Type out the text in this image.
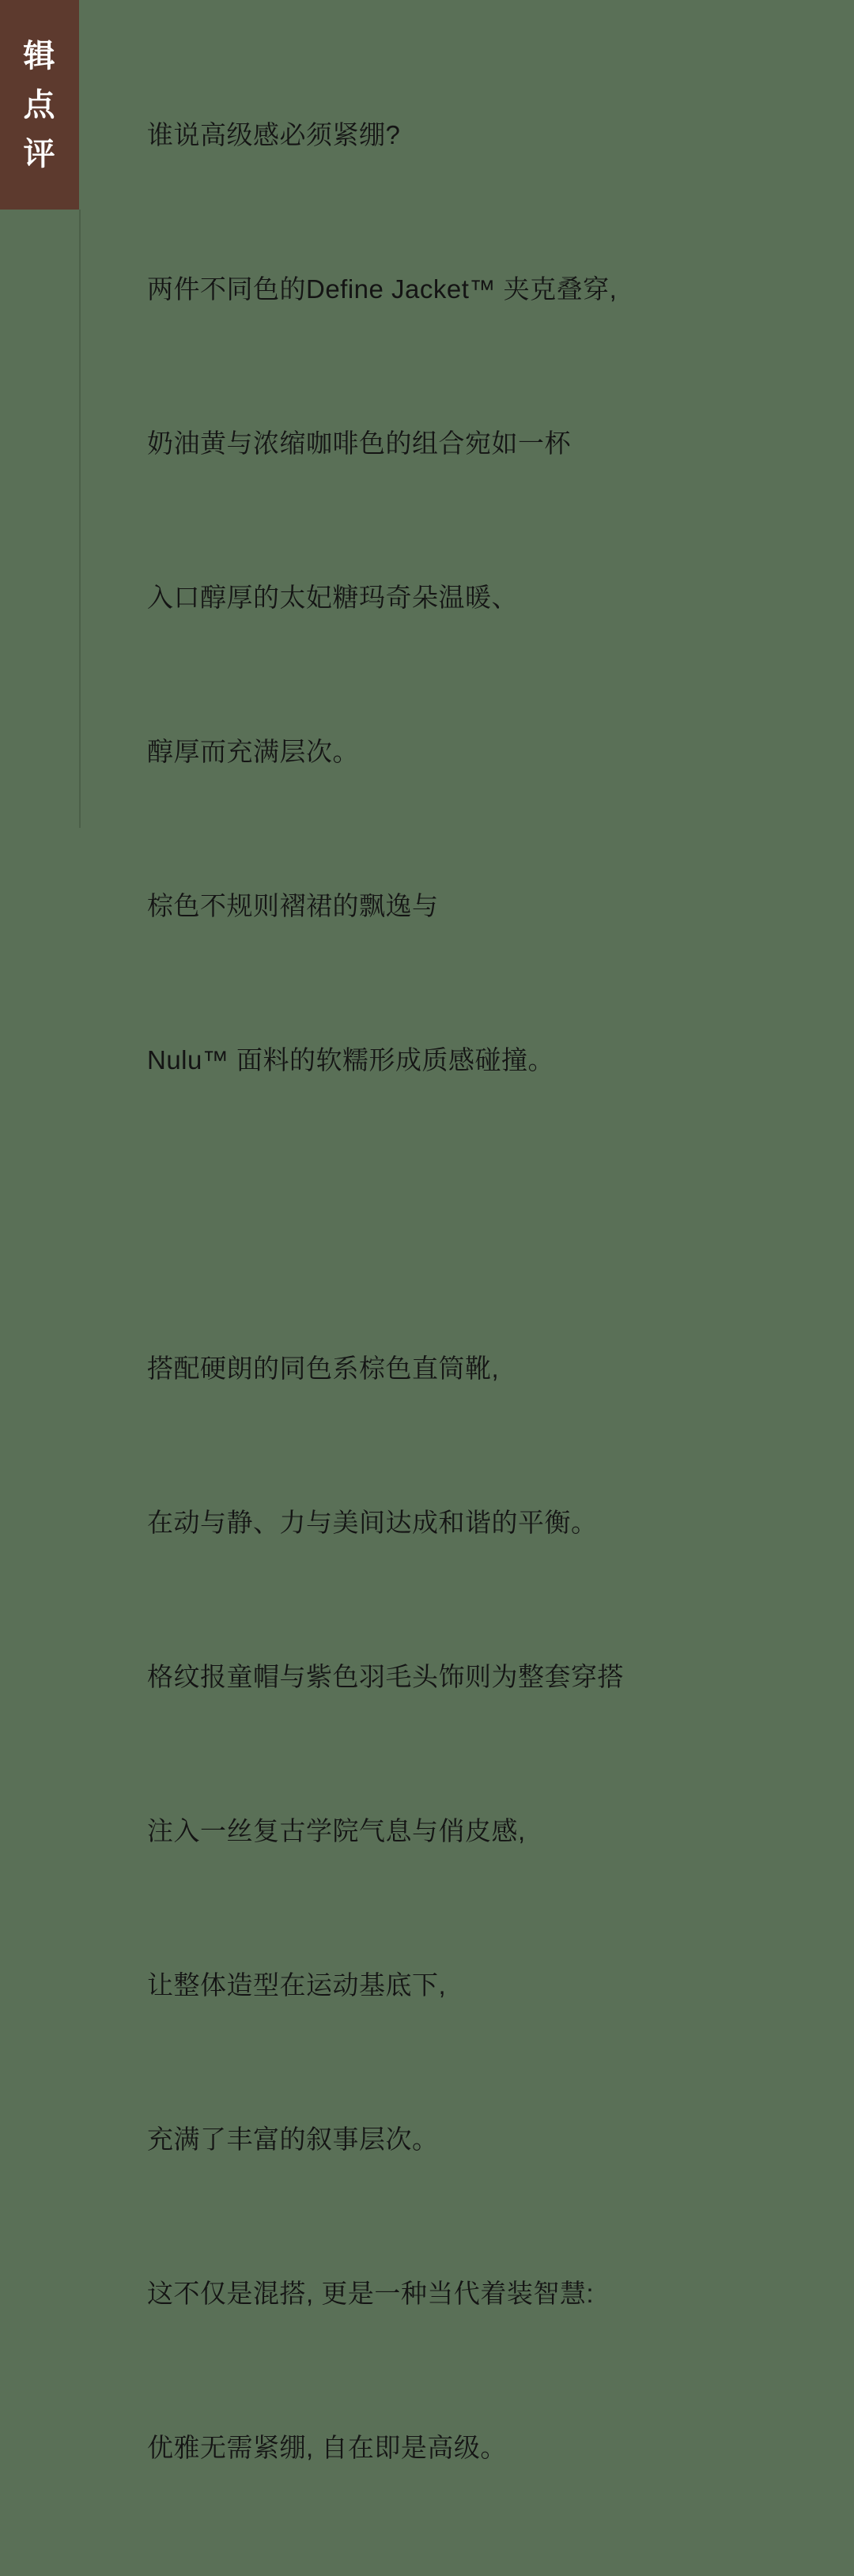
辑
点
评

谁说高级感必须紧绷?

两件不同色的Define Jacket™ 夹克叠穿,

奶油黄与浓缩咖啡色的组合宛如一杯

入口醇厚的太妃糖玛奇朵温暖、

醇厚而充满层次。

棕色不规则褶裙的飘逸与

Nulu™ 面料的软糯形成质感碰撞。

搭配硬朗的同色系棕色直筒靴,

在动与静、力与美间达成和谐的平衡。

格纹报童帽与紫色羽毛头饰则为整套穿搭

注入一丝复古学院气息与俏皮感,

让整体造型在运动基底下,

充满了丰富的叙事层次。

这不仅是混搭, 更是一种当代着装智慧:

优雅无需紧绷, 自在即是高级。
